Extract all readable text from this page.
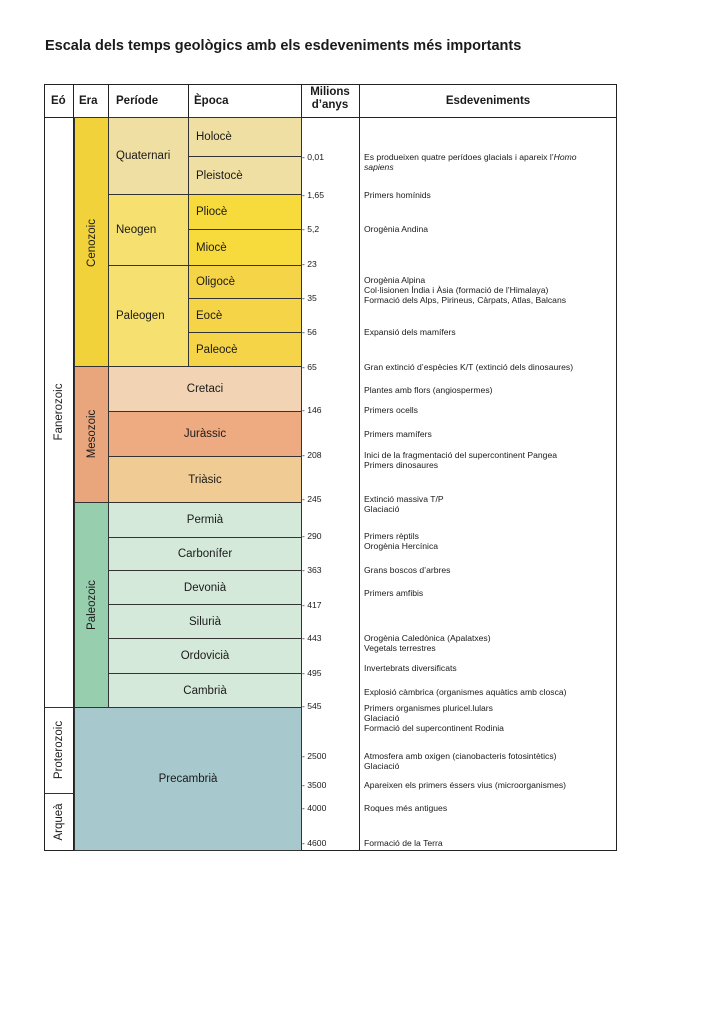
Escala dels temps geològics amb els esdeveniments més importants
Eó Era Període	Època
Milions
d’anys	Esdeveniments
Fanerozoic
Proterozoic
Arqueà
Cenozoic
Mesozoic
Paleozoic
Quaternari
Neogen
Paleogen
Holocè
Pleistocè
Pliocè
Miocè
Oligocè
Eocè
Paleocè
Cretaci
Juràssic
Triàsic
Permià
Carbonífer
Devonià
Silurià
Ordovicià
Cambrià
Precambrià
- 0,01
- 1,65
- 5,2
- 23
- 35
- 56
- 65
- 146
- 208
- 245
- 290
- 363
- 417
- 443
- 495
- 545
- 2500
- 3500
- 4000
- 4600
Es produeixen quatre perídoes glacials i apareix l’Homo
sapiens
Primers homínids
Orogènia Andina
Orogènia Alpina
Col·lisionen Índia i Àsia (formació de l’Himalaya)
Formació dels Alps, Pirineus, Càrpats, Atlas, Balcans
Expansió dels mamífers
Gran extinció d’espècies K/T (extinció dels dinosaures)
Plantes amb flors (angiospermes)
Primers ocells
Primers mamífers
Inici de la fragmentació del supercontinent Pangea
Primers dinosaures
Extinció massiva T/P
Glaciació
Primers rèptils
Orogènia Hercínica
Grans boscos d’arbres
Primers amfibis
Orogènia Caledònica (Apalatxes)
Vegetals terrestres
Invertebrats diversificats
Explosió càmbrica (organismes aquàtics amb closca)
Primers organismes pluricel.lulars
Glaciació
Formació del supercontinent Rodinia
Atmosfera amb oxigen (cianobacteris fotosintètics)
Glaciació
Apareixen els primers éssers vius (microorganismes)
Roques més antigues
Formació de la Terra
